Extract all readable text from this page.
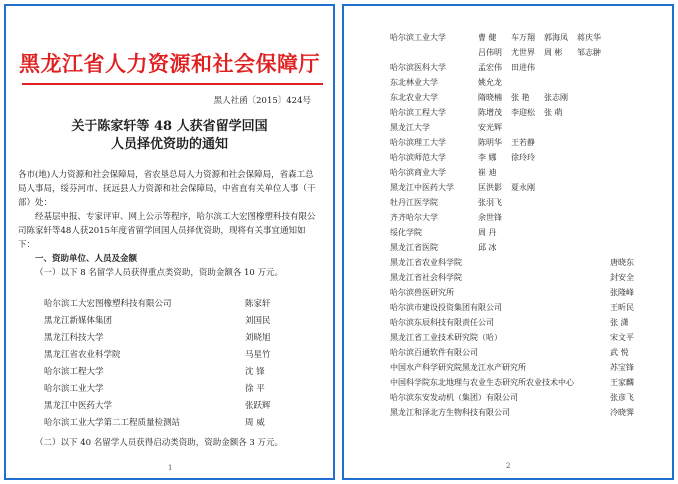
黑龙江省人力资源和社会保障厅
黑人社函〔2015〕424号
关于陈家轩等 48 人获省留学回国
人员择优资助的通知

各市(地)人力资源和社会保障局，省农垦总局人力资源和社会保障局，省森工总局人事局，绥芬河市、抚远县人力资源和社会保障局，中省直有关单位人事（干部）处：

经基层申报、专家评审、网上公示等程序，哈尔滨工大宏图橡塑科技有限公司陈家轩等48人获2015年度省留学回国人员择优资助，现将有关事宜通知如下：

一、资助单位、人员及金额

（一）以下 8 名留学人员获得重点类资助，资助金额各 10 万元。

哈尔滨工大宏图橡塑科技有限公司	陈家轩
黑龙江新媒体集团	刘国民
黑龙江科技大学	刘晓旭
黑龙江省农业科学院	马星竹
哈尔滨工程大学	沈 锋
哈尔滨工业大学	徐 平
黑龙江中医药大学	张跃辉
哈尔滨工业大学第二工程质量检测站	周 威

（二）以下 40 名留学人员获得启动类资助，资助金额各 3 万元。

1
哈尔滨工业大学	曹 健 车万翔 郭海凤 蒋庆华
吕伟明 尤世界 周 彬 邹志翀
哈尔滨医科大学	孟宏伟 田进伟
东北林业大学	姚允龙
东北农业大学	隋晓楠 张 艳 张志刚
哈尔滨工程大学	陈增茂 李迎松 张 萌
黑龙江大学	安光辉
哈尔滨理工大学	陈明华 王若静
哈尔滨师范大学	李 娜 徐玲玲
哈尔滨商业大学	崔 迪
黑龙江中医药大学	匡洪影 夏永刚
牡丹江医学院	张羽飞
齐齐哈尔大学	余世锋
绥化学院	周 丹
黑龙江省医院	邱 冰
黑龙江省农业科学院	唐晓东
黑龙江省社会科学院	封安全
哈尔滨兽医研究所	张隆峰
哈尔滨市建设投资集团有限公司	王昕民
哈尔滨东辰科技有限责任公司	张 潇
黑龙江省工业技术研究院（哈）	宋文平
哈尔滨百通软件有限公司	武 悦
中国水产科学研究院黑龙江水产研究所	苏宝锋
中国科学院东北地理与农业生态研究所农业技术中心	王家麟
哈尔滨东安发动机（集团）有限公司	张彦飞
黑龙江和泽北方生物科技有限公司	冷晓霁
2
